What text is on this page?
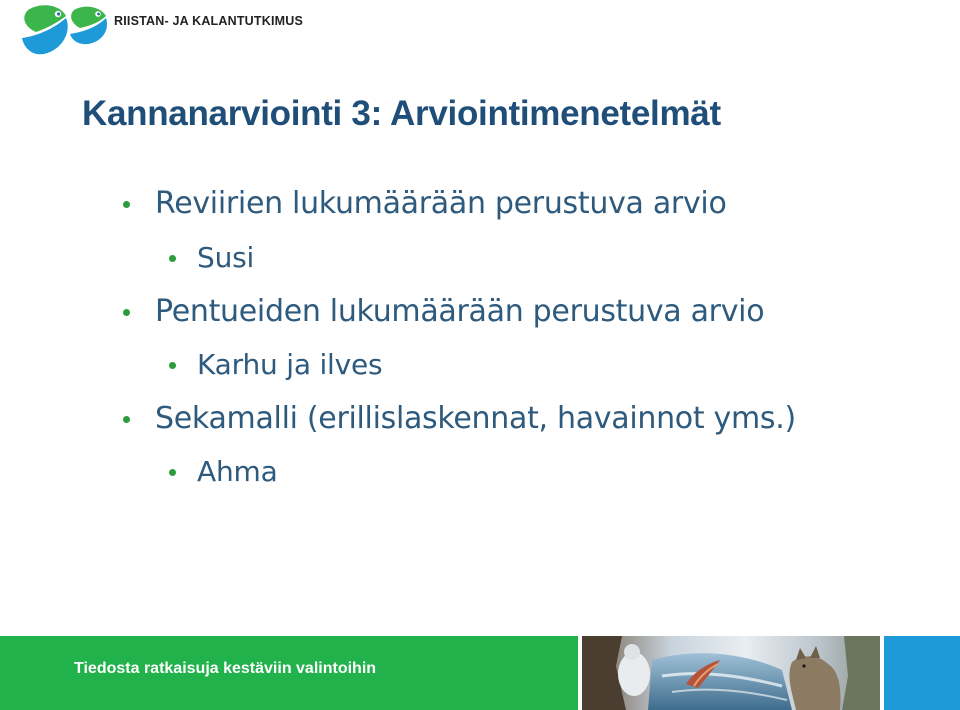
RIISTAN- JA KALANTUTKIMUS
Kannanarviointi 3: Arviointimenetelmät
Reviirien lukumäärään perustuva arvio
Susi
Pentueiden lukumäärään perustuva arvio
Karhu ja ilves
Sekamalli (erillislaskennat, havainnot yms.)
Ahma
Tiedosta ratkaisuja kestäviin valintoihin
